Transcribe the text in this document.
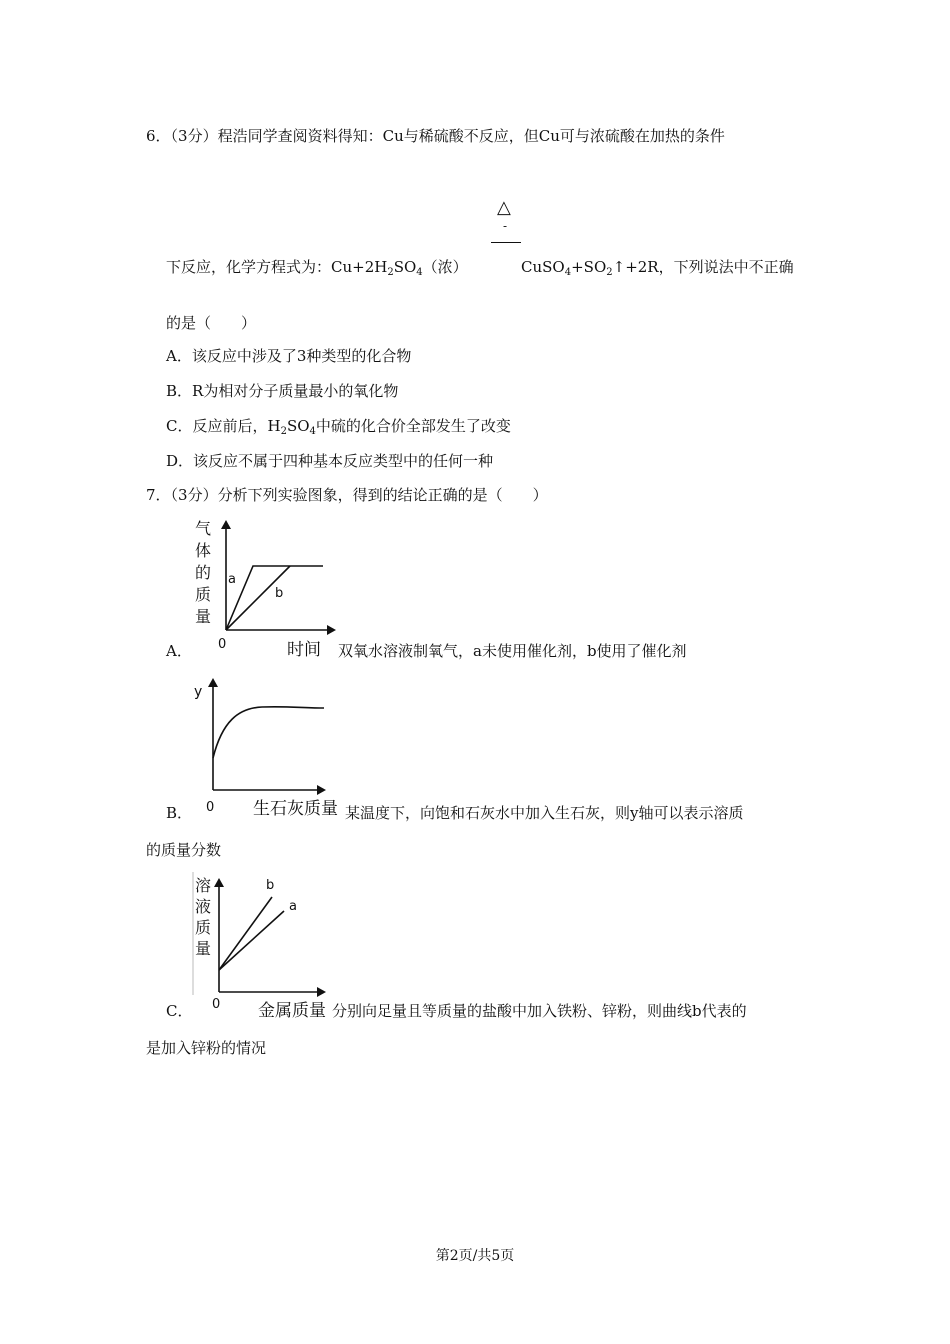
6．（3分）程浩同学查阅资料得知：Cu与稀硫酸不反应，但Cu可与浓硫酸在加热的条件
△
-
下反应，化学方程式为：$Cu+2H_2SO_4$（浓）	$CuSO_4+SO_2↑+2R$，下列说法中不正确
的是（　　）
A．该反应中涉及了3种类型的化合物
B．R为相对分子质量最小的氧化物
C．反应前后，$H_2SO_4$中硫的化合价全部发生了改变
D．该反应不属于四种基本反应类型中的任何一种
7．（3分）分析下列实验图象，得到的结论正确的是（　　）
气
体
的
质
量
a
b
0	时间
A．	双氧水溶液制氧气，a未使用催化剂，b使用了催化剂
y
0 生石灰质量
B．	某温度下，向饱和石灰水中加入生石灰，则y轴可以表示溶质
的质量分数
溶
液
质
量
b
a
0 金属质量
C．	分别向足量且等质量的盐酸中加入铁粉、锌粉，则曲线b代表的
是加入锌粉的情况
第2页/共5页
